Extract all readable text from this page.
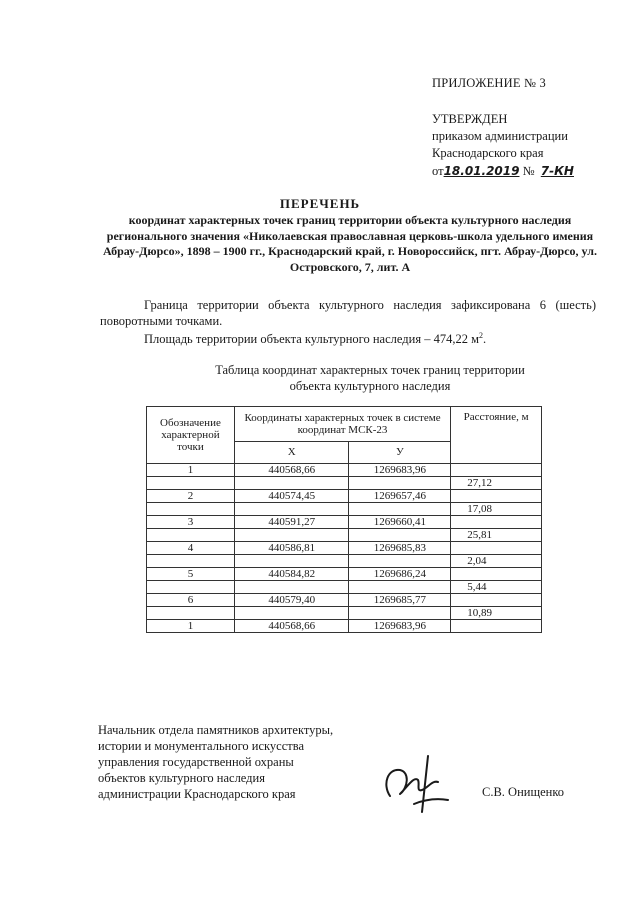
ПРИЛОЖЕНИЕ № 3
УТВЕРЖДЕН
приказом администрации
Краснодарского края
от18.01.2019 № 7-КН
ПЕРЕЧЕНЬ
координат характерных точек границ территории объекта культурного наследия регионального значения «Николаевская православная церковь-школа удельного имения Абрау-Дюрсо», 1898 – 1900 гг., Краснодарский край, г. Новороссийск, пгт. Абрау-Дюрсо, ул. Островского, 7, лит. А
Граница территории объекта культурного наследия зафиксирована 6 (шесть) поворотными точками.
Площадь территории объекта культурного наследия – 474,22 $м^2$.
Таблица координат характерных точек границ территории объекта культурного наследия
Обозначение характерной точки	Координаты характерных точек в системе координат МСК-23		Расстояние, м
	X	У	
1	440568,66	1269683,96	
			27,12
2	440574,45	1269657,46	
			17,08
3	440591,27	1269660,41	
			25,81
4	440586,81	1269685,83	
			2,04
5	440584,82	1269686,24	
			5,44
6	440579,40	1269685,77	
			10,89
1	440568,66	1269683,96	
Начальник отдела памятников архитектуры,
истории и монументального искусства
управления государственной охраны
объектов культурного наследия
администрации Краснодарского края	С.В. Онищенко
